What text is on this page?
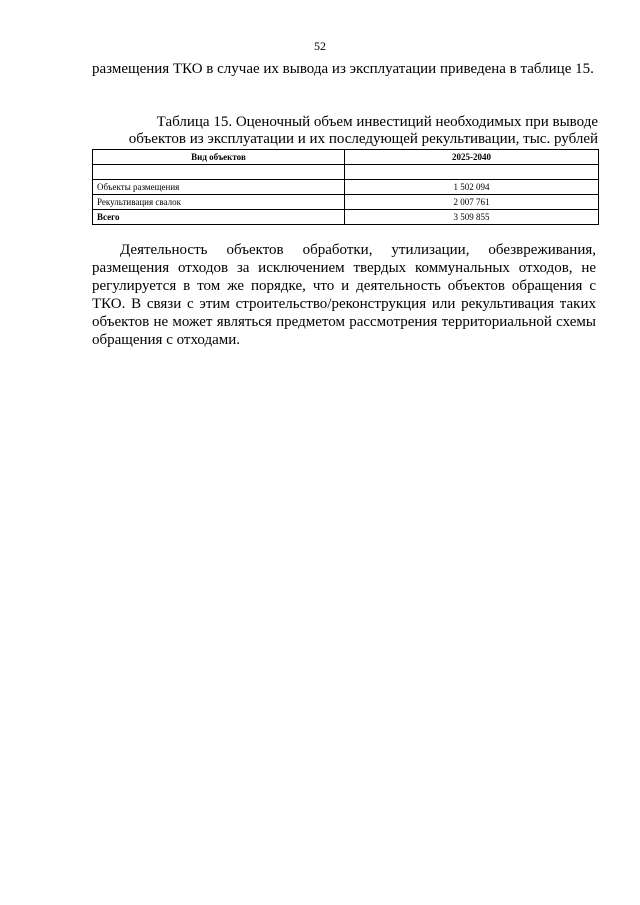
52

размещения ТКО в случае их вывода из эксплуатации приведена в таблице 15.

Таблица 15. Оценочный объем инвестиций необходимых при выводе
объектов из эксплуатации и их последующей рекультивации, тыс. рублей
Вид объектов	2025-2040

Объекты размещения	1 502 094
Рекультивация свалок	2 007 761
Всего	3 509 855

Деятельность объектов обработки, утилизации, обезвреживания, размещения отходов за исключением твердых коммунальных отходов, не регулируется в том же порядке, что и деятельность объектов обращения с ТКО. В связи с этим строительство/реконструкция или рекультивация таких объектов не может являться предметом рассмотрения территориальной схемы обращения с отходами.
